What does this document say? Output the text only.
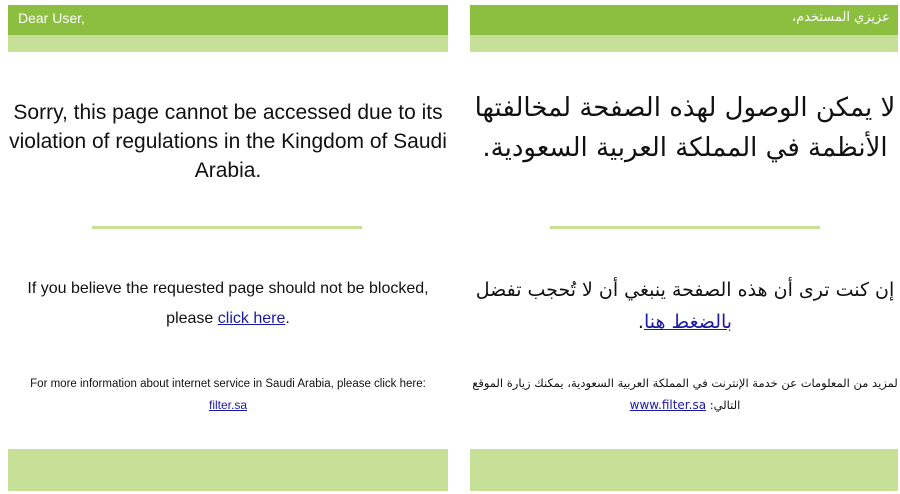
Dear User,
Sorry, this page cannot be accessed due to its violation of regulations in the Kingdom of Saudi Arabia.
If you believe the requested page should not be blocked, please click here.
For more information about internet service in Saudi Arabia, please click here:
filter.sa
عزيزي المستخدم،
لا يمكن الوصول لهذه الصفحة لمخالفتها الأنظمة في المملكة العربية السعودية.
إن كنت ترى أن هذه الصفحة ينبغي أن لا تُحجب تفضل بالضغط هنا.
لمزيد من المعلومات عن خدمة الإنترنت في المملكة العربية السعودية، يمكنك زيارة الموقع التالي: www.filter.sa
